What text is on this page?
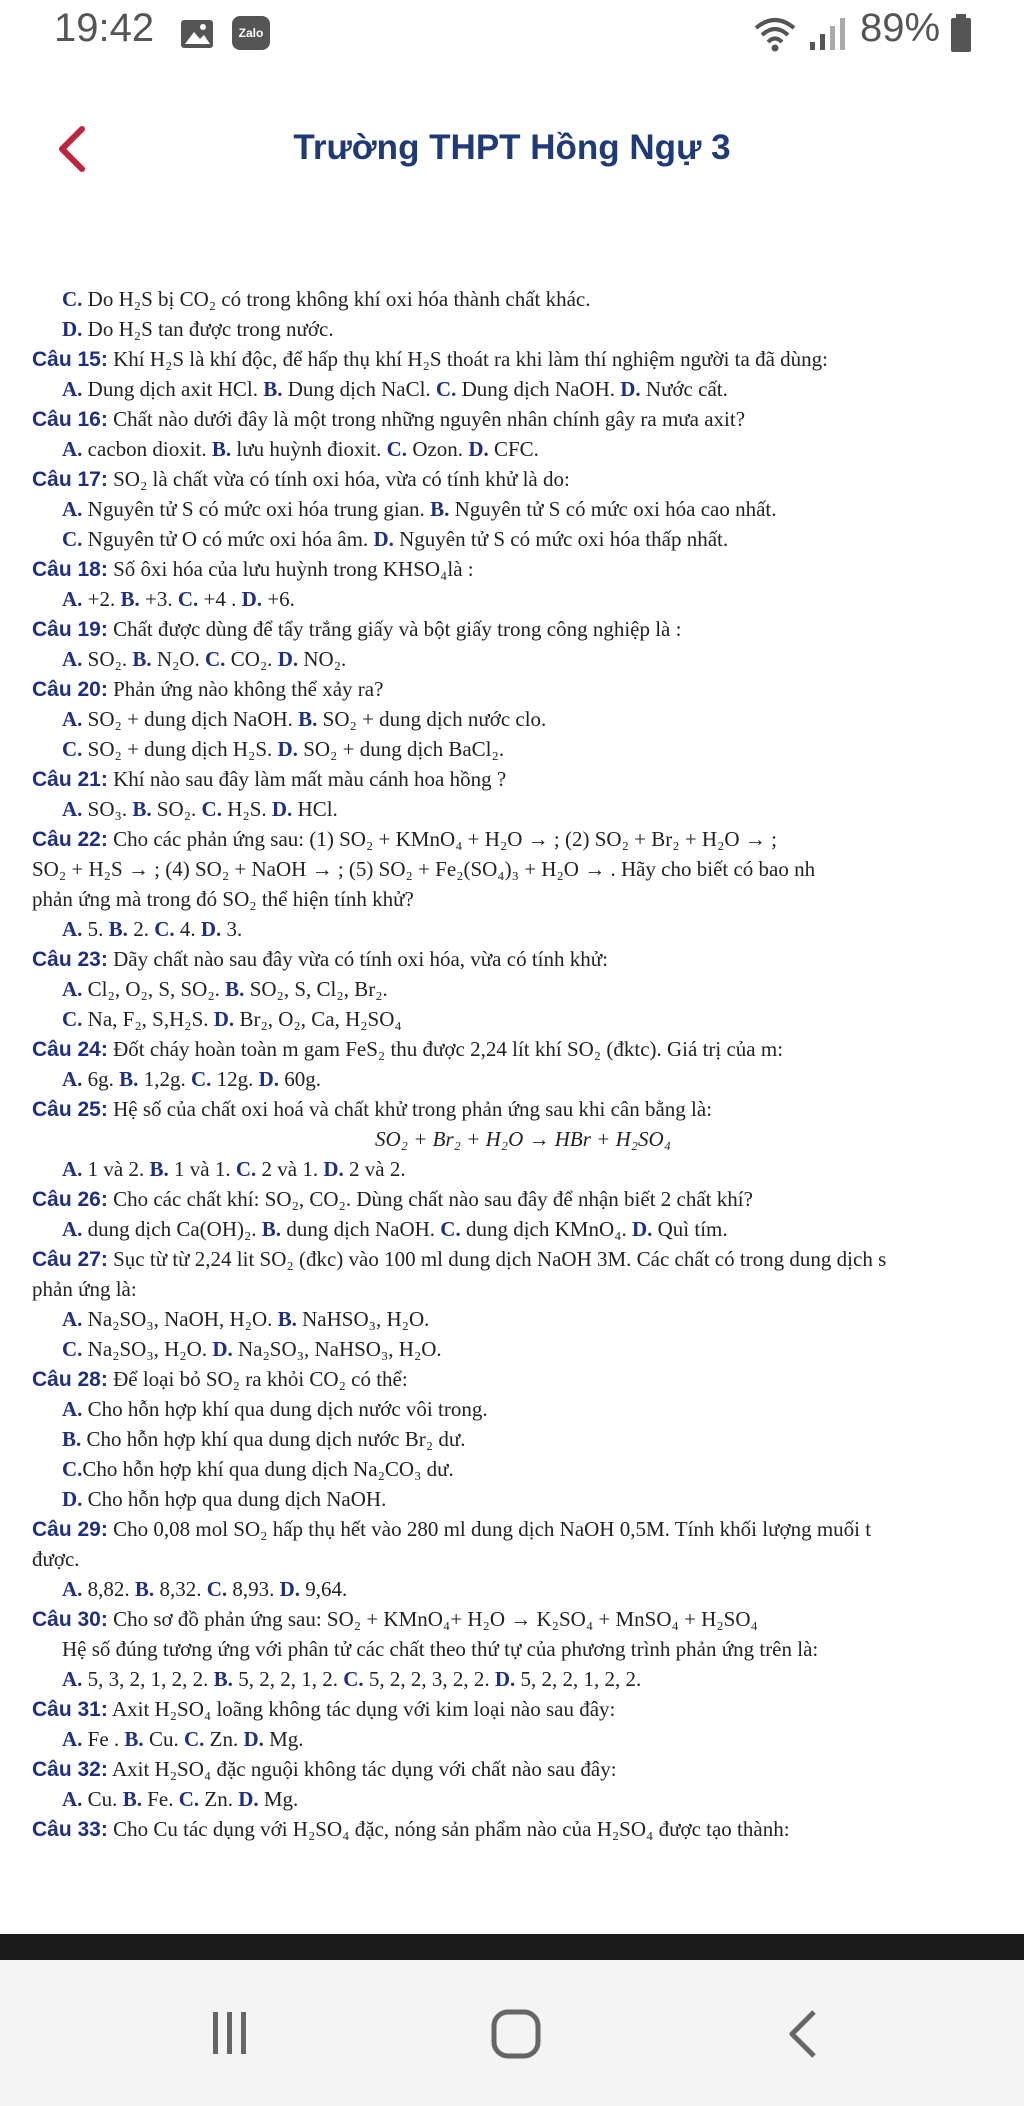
19:42	Zalo	89%
Trường THPT Hồng Ngự 3
C. Do H₂S bị CO₂ có trong không khí oxi hóa thành chất khác.
D. Do H₂S tan được trong nước.
Câu 15: Khí H₂S là khí độc, để hấp thụ khí H₂S thoát ra khi làm thí nghiệm người ta đã dùng:
A. Dung dịch axit HCl. B. Dung dịch NaCl. C. Dung dịch NaOH. D. Nước cất.
Câu 16: Chất nào dưới đây là một trong những nguyên nhân chính gây ra mưa axit?
A. cacbon dioxit. B. lưu huỳnh đioxit. C. Ozon. D. CFC.
Câu 17: SO₂ là chất vừa có tính oxi hóa, vừa có tính khử là do:
A. Nguyên tử S có mức oxi hóa trung gian. B. Nguyên tử S có mức oxi hóa cao nhất.
C. Nguyên tử O có mức oxi hóa âm. D. Nguyên tử S có mức oxi hóa thấp nhất.
Câu 18: Số ôxi hóa của lưu huỳnh trong KHSO₄là :
A. +2. B. +3. C. +4 . D. +6.
Câu 19: Chất được dùng để tẩy trắng giấy và bột giấy trong công nghiệp là :
A. SO₂. B. N₂O. C. CO₂. D. NO₂.
Câu 20: Phản ứng nào không thể xảy ra?
A. SO₂ + dung dịch NaOH. B. SO₂ + dung dịch nước clo.
C. SO₂ + dung dịch H₂S. D. SO₂ + dung dịch BaCl₂.
Câu 21: Khí nào sau đây làm mất màu cánh hoa hồng ?
A. SO₃. B. SO₂. C. H₂S. D. HCl.
Câu 22: Cho các phản ứng sau: (1) SO₂ + KMnO₄ + H₂O → ; (2) SO₂ + Br₂ + H₂O → ;
SO₂ + H₂S → ; (4) SO₂ + NaOH → ; (5) SO₂ + Fe₂(SO₄)₃ + H₂O → . Hãy cho biết có bao nh
phản ứng mà trong đó SO₂ thể hiện tính khử?
A. 5. B. 2. C. 4. D. 3.
Câu 23: Dãy chất nào sau đây vừa có tính oxi hóa, vừa có tính khử:
A. Cl₂, O₂, S, SO₂. B. SO₂, S, Cl₂, Br₂.
C. Na, F₂, S,H₂S. D. Br₂, O₂, Ca, H₂SO₄
Câu 24: Đốt cháy hoàn toàn m gam FeS₂ thu được 2,24 lít khí SO₂ (đktc). Giá trị của m:
A. 6g. B. 1,2g. C. 12g. D. 60g.
Câu 25: Hệ số của chất oxi hoá và chất khử trong phản ứng sau khi cân bằng là:
SO₂ + Br₂ + H₂O → HBr + H₂SO₄
A. 1 và 2. B. 1 và 1. C. 2 và 1. D. 2 và 2.
Câu 26: Cho các chất khí: SO₂, CO₂. Dùng chất nào sau đây để nhận biết 2 chất khí?
A. dung dịch Ca(OH)₂. B. dung dịch NaOH. C. dung dịch KMnO₄. D. Quì tím.
Câu 27: Sục từ từ 2,24 lit SO₂ (đkc) vào 100 ml dung dịch NaOH 3M. Các chất có trong dung dịch s
phản ứng là:
A. Na₂SO₃, NaOH, H₂O. B. NaHSO₃, H₂O.
C. Na₂SO₃, H₂O. D. Na₂SO₃, NaHSO₃, H₂O.
Câu 28: Để loại bỏ SO₂ ra khỏi CO₂ có thể:
A. Cho hỗn hợp khí qua dung dịch nước vôi trong.
B. Cho hỗn hợp khí qua dung dịch nước Br₂ dư.
C.Cho hỗn hợp khí qua dung dịch Na₂CO₃ dư.
D. Cho hỗn hợp qua dung dịch NaOH.
Câu 29: Cho 0,08 mol SO₂ hấp thụ hết vào 280 ml dung dịch NaOH 0,5M. Tính khối lượng muối t
được.
A. 8,82. B. 8,32. C. 8,93. D. 9,64.
Câu 30: Cho sơ đồ phản ứng sau: SO₂ + KMnO₄+ H₂O → K₂SO₄ + MnSO₄ + H₂SO₄
Hệ số đúng tương ứng với phân tử các chất theo thứ tự của phương trình phản ứng trên là:
A. 5, 3, 2, 1, 2, 2. B. 5, 2, 2, 1, 2. C. 5, 2, 2, 3, 2, 2. D. 5, 2, 2, 1, 2, 2.
Câu 31: Axit H₂SO₄ loãng không tác dụng với kim loại nào sau đây:
A. Fe . B. Cu. C. Zn. D. Mg.
Câu 32: Axit H₂SO₄ đặc nguội không tác dụng với chất nào sau đây:
A. Cu. B. Fe. C. Zn. D. Mg.
Câu 33: Cho Cu tác dụng với H₂SO₄ đặc, nóng sản phẩm nào của H₂SO₄ được tạo thành:
